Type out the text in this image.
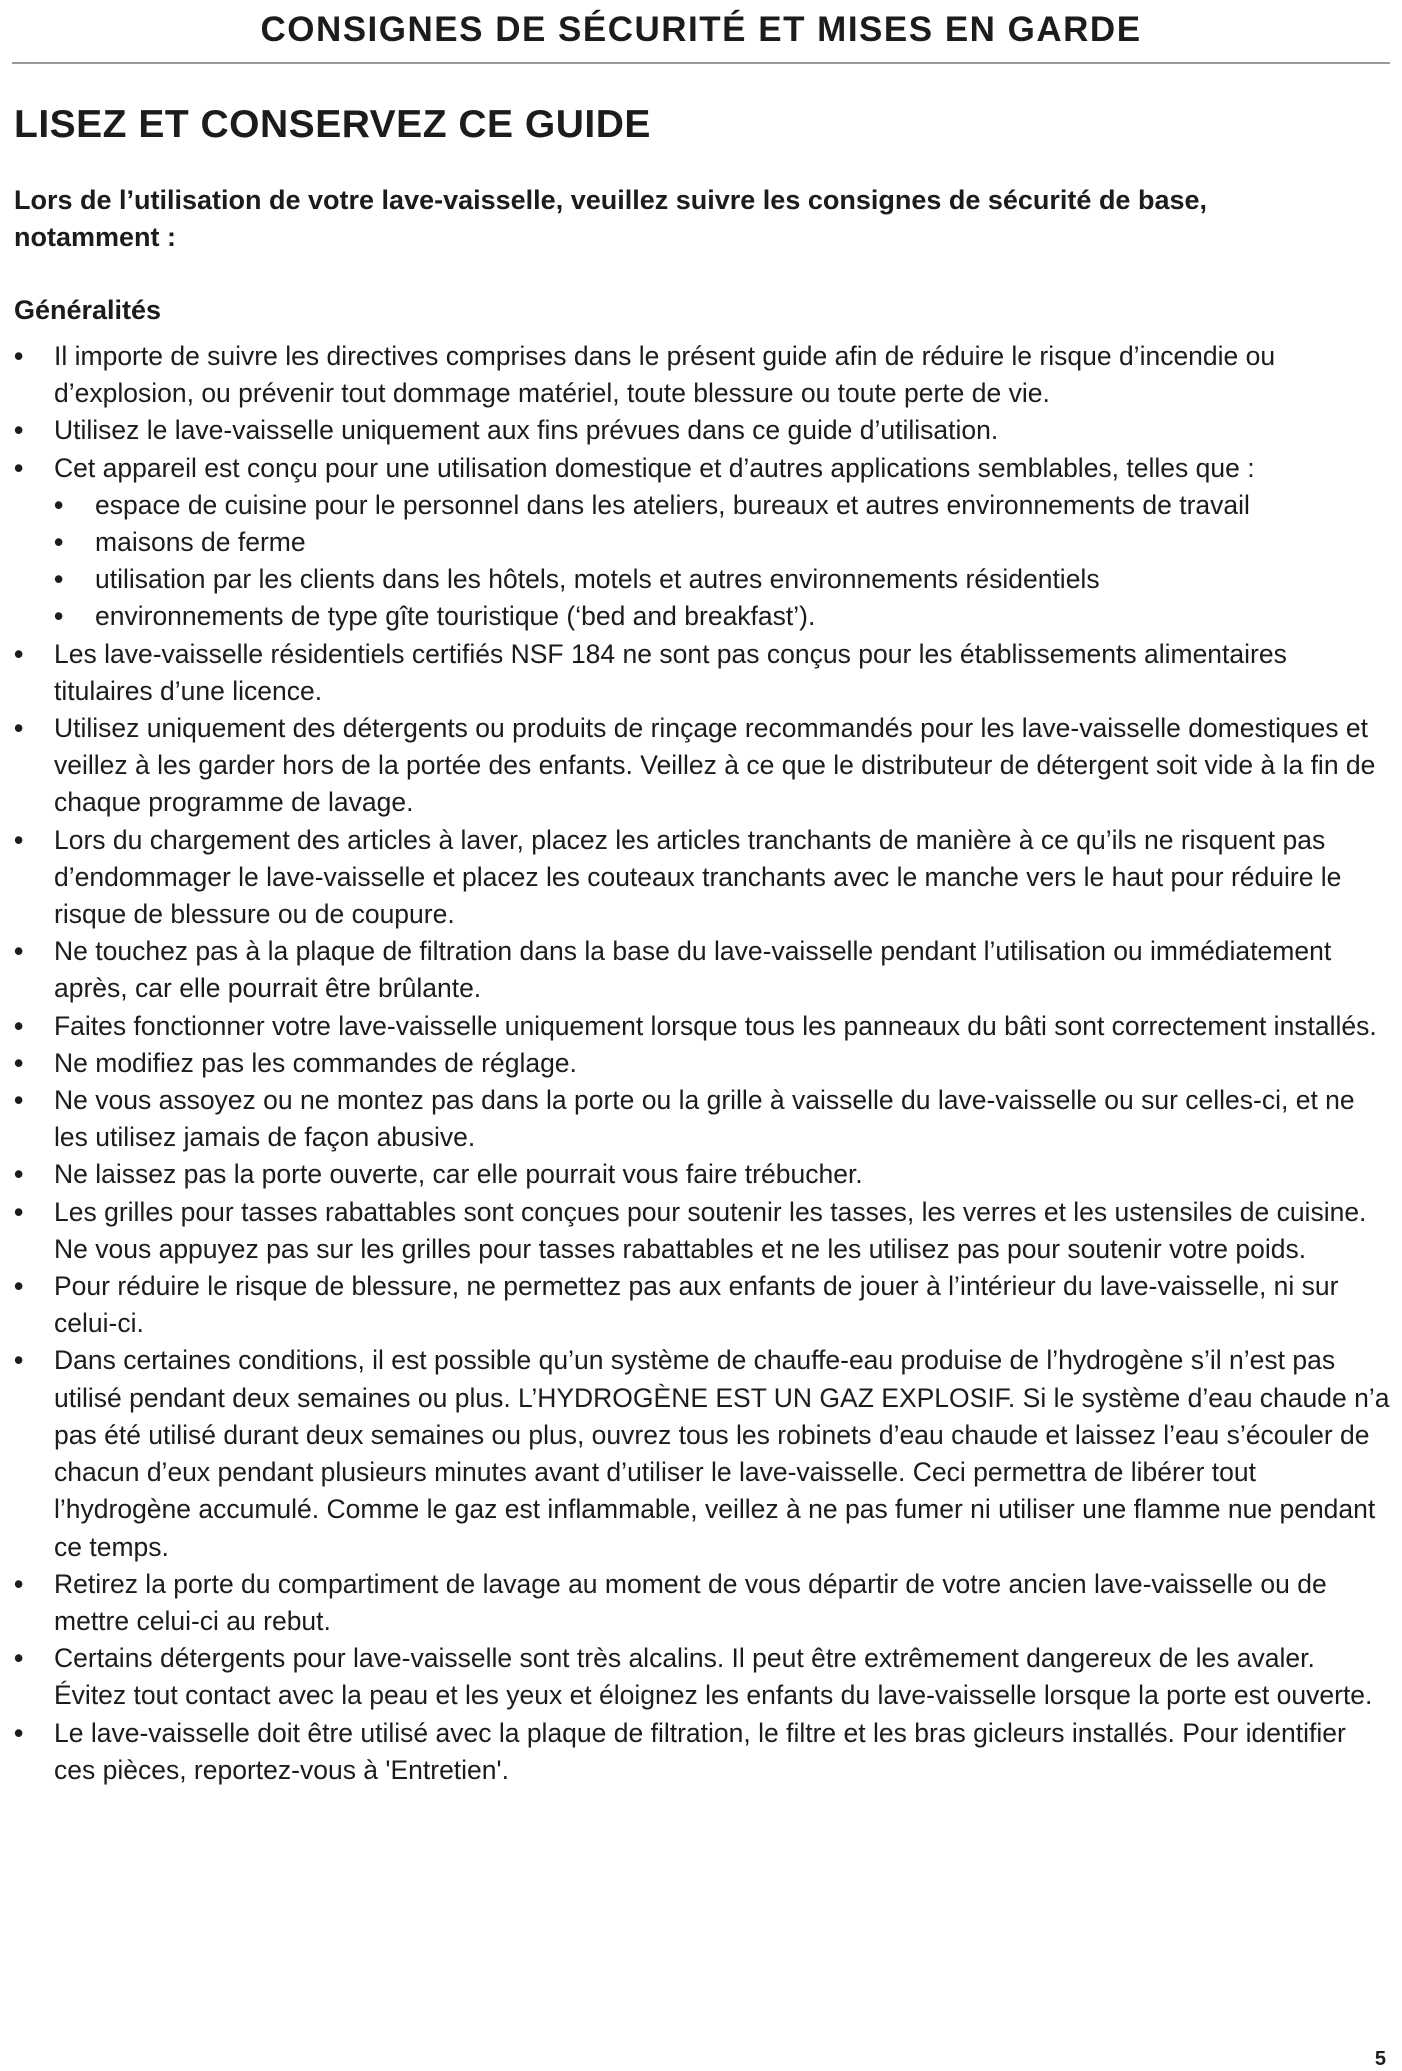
CONSIGNES DE SÉCURITÉ ET MISES EN GARDE
LISEZ ET CONSERVEZ CE GUIDE

Lors de l’utilisation de votre lave-vaisselle, veuillez suivre les consignes de sécurité de base, notamment :

Généralités
•	Il importe de suivre les directives comprises dans le présent guide afin de réduire le risque d’incendie ou d’explosion, ou prévenir tout dommage matériel, toute blessure ou toute perte de vie.
•	Utilisez le lave-vaisselle uniquement aux fins prévues dans ce guide d’utilisation.
•	Cet appareil est conçu pour une utilisation domestique et d’autres applications semblables, telles que :
•	espace de cuisine pour le personnel dans les ateliers, bureaux et autres environnements de travail
•	maisons de ferme
•	utilisation par les clients dans les hôtels, motels et autres environnements résidentiels
•	environnements de type gîte touristique (‘bed and breakfast’).
•	Les lave-vaisselle résidentiels certifiés NSF 184 ne sont pas conçus pour les établissements alimentaires titulaires d’une licence.
•	Utilisez uniquement des détergents ou produits de rinçage recommandés pour les lave-vaisselle domestiques et veillez à les garder hors de la portée des enfants. Veillez à ce que le distributeur de détergent soit vide à la fin de chaque programme de lavage.
•	Lors du chargement des articles à laver, placez les articles tranchants de manière à ce qu’ils ne risquent pas d’endommager le lave-vaisselle et placez les couteaux tranchants avec le manche vers le haut pour réduire le risque de blessure ou de coupure.
•	Ne touchez pas à la plaque de filtration dans la base du lave-vaisselle pendant l’utilisation ou immédiatement après, car elle pourrait être brûlante.
•	Faites fonctionner votre lave-vaisselle uniquement lorsque tous les panneaux du bâti sont correctement installés.
•	Ne modifiez pas les commandes de réglage.
•	Ne vous assoyez ou ne montez pas dans la porte ou la grille à vaisselle du lave-vaisselle ou sur celles-ci, et ne les utilisez jamais de façon abusive.
•	Ne laissez pas la porte ouverte, car elle pourrait vous faire trébucher.
•	Les grilles pour tasses rabattables sont conçues pour soutenir les tasses, les verres et les ustensiles de cuisine. Ne vous appuyez pas sur les grilles pour tasses rabattables et ne les utilisez pas pour soutenir votre poids.
•	Pour réduire le risque de blessure, ne permettez pas aux enfants de jouer à l’intérieur du lave-vaisselle, ni sur celui-ci.
•	Dans certaines conditions, il est possible qu’un système de chauffe-eau produise de l’hydrogène s’il n’est pas utilisé pendant deux semaines ou plus. L’HYDROGÈNE EST UN GAZ EXPLOSIF. Si le système d’eau chaude n’a pas été utilisé durant deux semaines ou plus, ouvrez tous les robinets d’eau chaude et laissez l’eau s’écouler de chacun d’eux pendant plusieurs minutes avant d’utiliser le lave-vaisselle. Ceci permettra de libérer tout l’hydrogène accumulé. Comme le gaz est inflammable, veillez à ne pas fumer ni utiliser une flamme nue pendant ce temps.
•	Retirez la porte du compartiment de lavage au moment de vous départir de votre ancien lave-vaisselle ou de mettre celui-ci au rebut.
•	Certains détergents pour lave-vaisselle sont très alcalins. Il peut être extrêmement dangereux de les avaler. Évitez tout contact avec la peau et les yeux et éloignez les enfants du lave-vaisselle lorsque la porte est ouverte.
•	Le lave-vaisselle doit être utilisé avec la plaque de filtration, le filtre et les bras gicleurs installés. Pour identifier ces pièces, reportez-vous à 'Entretien'.
5
